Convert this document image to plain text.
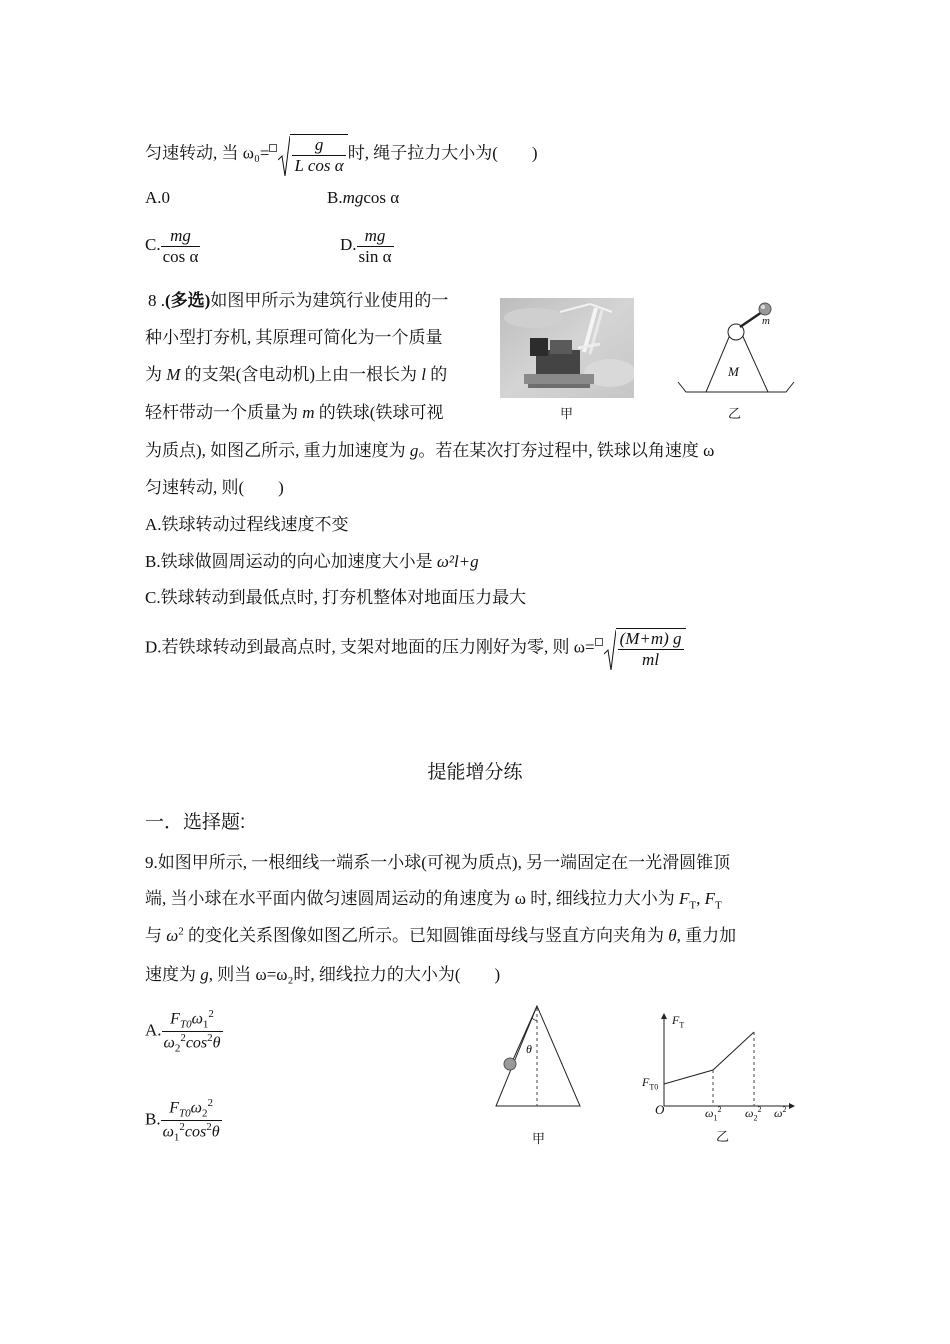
匀速转动, 当 $\omega_0= \frac{g}{\text{L cos α}}$ 时, 绳子拉力大小为(　　)
A.0	B.mgcos α
C. $\frac{mg}{\text{cos α}}$	D. $\frac{mg}{\text{sin α}}$
8 .(多选)如图甲所示为建筑行业使用的一
种小型打夯机, 其原理可简化为一个质量
为 M 的支架(含电动机)上由一根长为 l 的
轻杆带动一个质量为 m 的铁球(铁球可视
为质点), 如图乙所示, 重力加速度为 g。若在某次打夯过程中, 铁球以角速度 ω
匀速转动, 则(　　)
甲
M
m
乙
A.铁球转动过程线速度不变
B.铁球做圆周运动的向心加速度大小是 ω²l+g
C.铁球转动到最低点时, 打夯机整体对地面压力最大
D.若铁球转动到最高点时, 支架对地面的压力刚好为零, 则 $\omega= \frac{(M+m) g}{ml}$
提能增分练
一．选择题:
9.如图甲所示, 一根细线一端系一小球(可视为质点), 另一端固定在一光滑圆锥顶
端, 当小球在水平面内做匀速圆周运动的角速度为 ω 时, 细线拉力大小为 $F_T$, $F_T$
与 $\omega^2$ 的变化关系图像如图乙所示。已知圆锥面母线与竖直方向夹角为 θ, 重力加
速度为 g, 则当 ω=ω₂时, 细线拉力的大小为(　　)
A. $\frac{F_{T0}\omega_1^2}{\omega_2^2\cos^2\theta}$
B. $\frac{F_{T0}\omega_2^2}{\omega_1^2\cos^2\theta}$
θ
甲
$F_T$
$F_{T0}$
O	$\omega_1^2$ $\omega_2^2$ $\omega^2$
乙
